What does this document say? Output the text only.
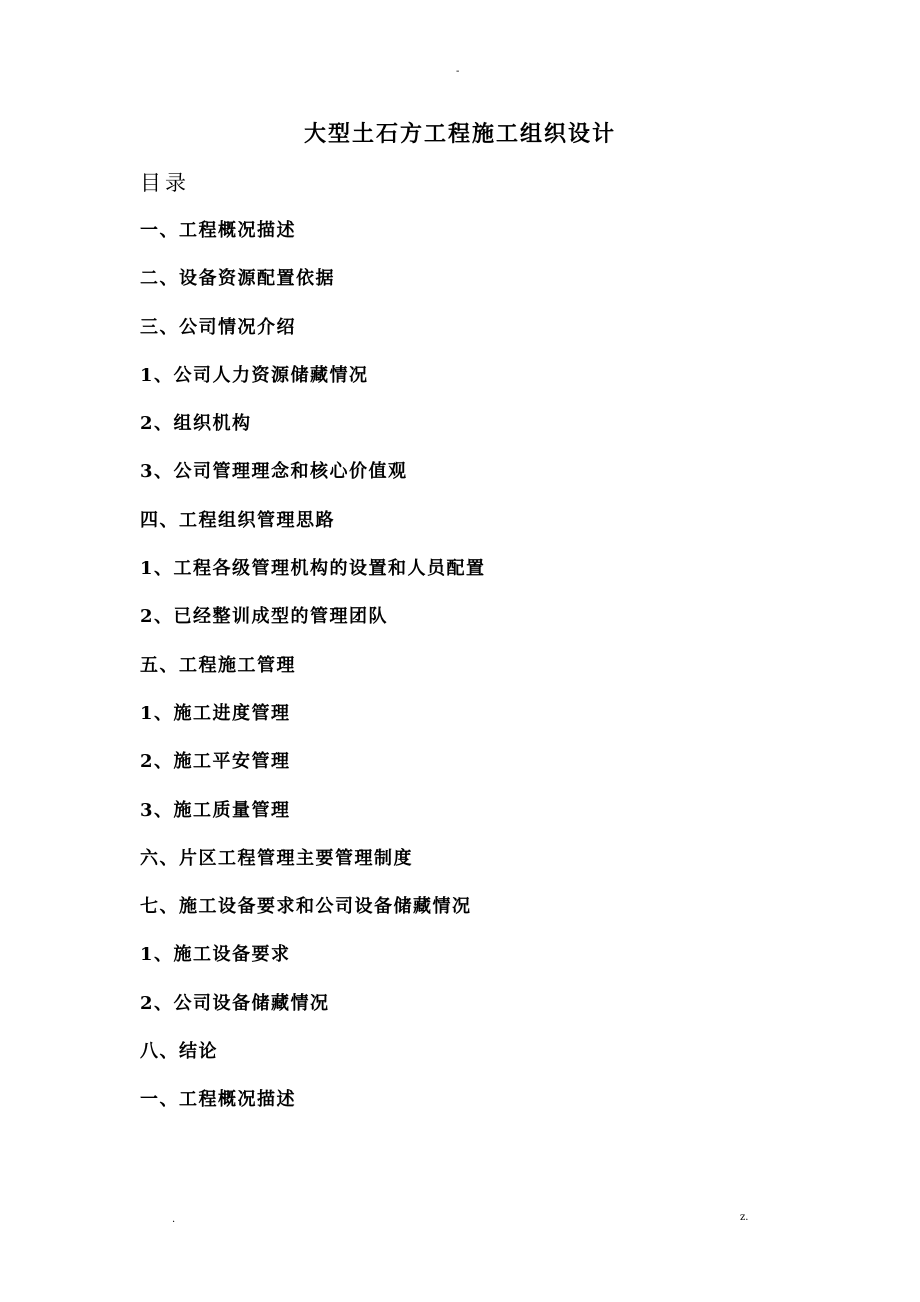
-
大型土石方工程施工组织设计
目录
一、工程概况描述
二、设备资源配置依据
三、公司情况介绍
1、公司人力资源储藏情况
2、组织机构
3、公司管理理念和核心价值观
四、工程组织管理思路
1、工程各级管理机构的设置和人员配置
2、已经整训成型的管理团队
五、工程施工管理
1、施工进度管理
2、施工平安管理
3、施工质量管理
六、片区工程管理主要管理制度
七、施工设备要求和公司设备储藏情况
1、施工设备要求
2、公司设备储藏情况
八、结论
一、工程概况描述
.	z.
